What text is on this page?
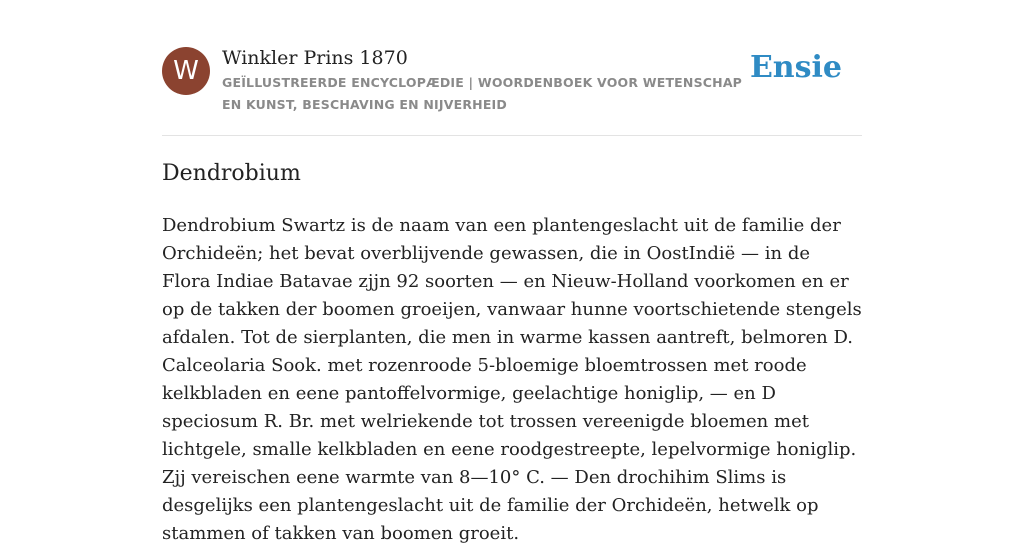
W	Winkler Prins 1870

GEÏLLUSTREERDE ENCYCLOPÆDIE | WOORDENBOEK VOOR WETENSCHAP EN KUNST, BESCHAVING EN NIJVERHEID

Ensie
Dendrobium

Dendrobium Swartz is de naam van een plantengeslacht uit de familie der Orchideën; het bevat overblijvende gewassen, die in OostIndië — in de Flora Indiae Batavae zjjn 92 soorten — en Nieuw-Holland voorkomen en er op de takken der boomen groeijen, vanwaar hunne voortschietende stengels afdalen. Tot de sierplanten, die men in warme kassen aantreft, belmoren D. Calceolaria Sook. met rozenroode 5-bloemige bloemtrossen met roode kelkbladen en eene pantoffelvormige, geelachtige honiglip, — en D speciosum R. Br. met welriekende tot trossen vereenigde bloemen met lichtgele, smalle kelkbladen en eene roodgestreepte, lepelvormige honiglip. Zjj vereischen eene warmte van 8—10° C. — Den drochihim Slims is desgelijks een plantengeslacht uit de familie der Orchideën, hetwelk op stammen of takken van boomen groeit.
